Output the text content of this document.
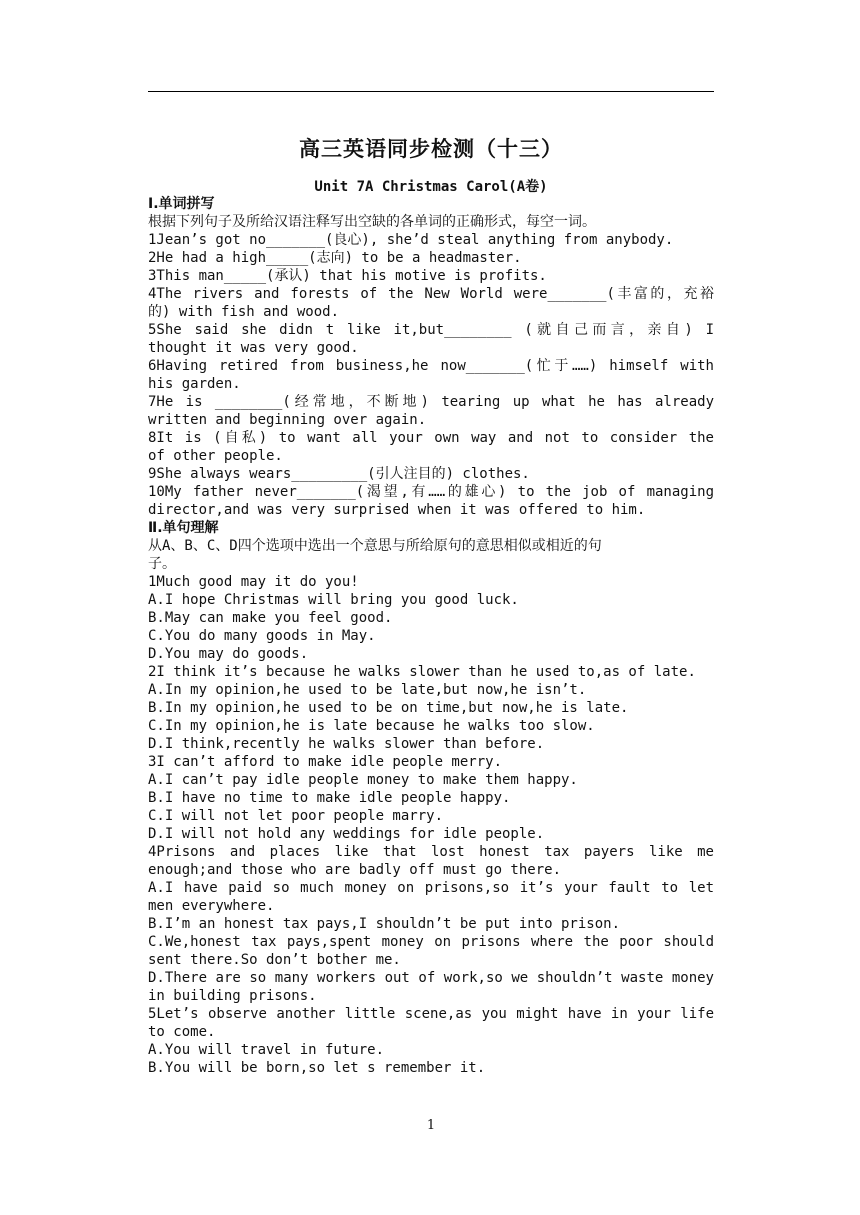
高三英语同步检测（十三）
Unit 7A Christmas Carol(A卷)
Ⅰ.单词拼写
根据下列句子及所给汉语注释写出空缺的各单词的正确形式，每空一词。
1Jean’s got no_______(良心), she’d steal anything from anybody.
2He had a high_____(志向) to be a headmaster.
3This man_____(承认) that his motive is profits.
4The rivers and forests of the New World were_______(丰富的，充裕
的) with fish and wood.
5She said she didn t like it,but________ (就自己而言，亲自) I
thought it was very good.
6Having retired from business,he now_______(忙于……) himself with
his garden.
7He is ________(经常地，不断地) tearing up what he has already
written and beginning over again.
8It is (自私) to want all your own way and not to consider the
of other people.
9She always wears_________(引人注目的) clothes.
10My father never_______(渴望,有……的雄心) to the job of managing
director,and was very surprised when it was offered to him.
Ⅱ.单句理解
从A、B、C、D四个选项中选出一个意思与所给原句的意思相似或相近的句
子。
1Much good may it do you!
A.I hope Christmas will bring you good luck.
B.May can make you feel good.
C.You do many goods in May.
D.You may do goods.
2I think it’s because he walks slower than he used to,as of late.
A.In my opinion,he used to be late,but now,he isn’t.
B.In my opinion,he used to be on time,but now,he is late.
C.In my opinion,he is late because he walks too slow.
D.I think,recently he walks slower than before.
3I can’t afford to make idle people merry.
A.I can’t pay idle people money to make them happy.
B.I have no time to make idle people happy.
C.I will not let poor people marry.
D.I will not hold any weddings for idle people.
4Prisons and places like that lost honest tax payers like me
enough;and those who are badly off must go there.
A.I have paid so much money on prisons,so it’s your fault to let
men everywhere.
B.I’m an honest tax pays,I shouldn’t be put into prison.
C.We,honest tax pays,spent money on prisons where the poor should
sent there.So don’t bother me.
D.There are so many workers out of work,so we shouldn’t waste money
in building prisons.
5Let’s observe another little scene,as you might have in your life
to come.
A.You will travel in future.
B.You will be born,so let s remember it.
1
